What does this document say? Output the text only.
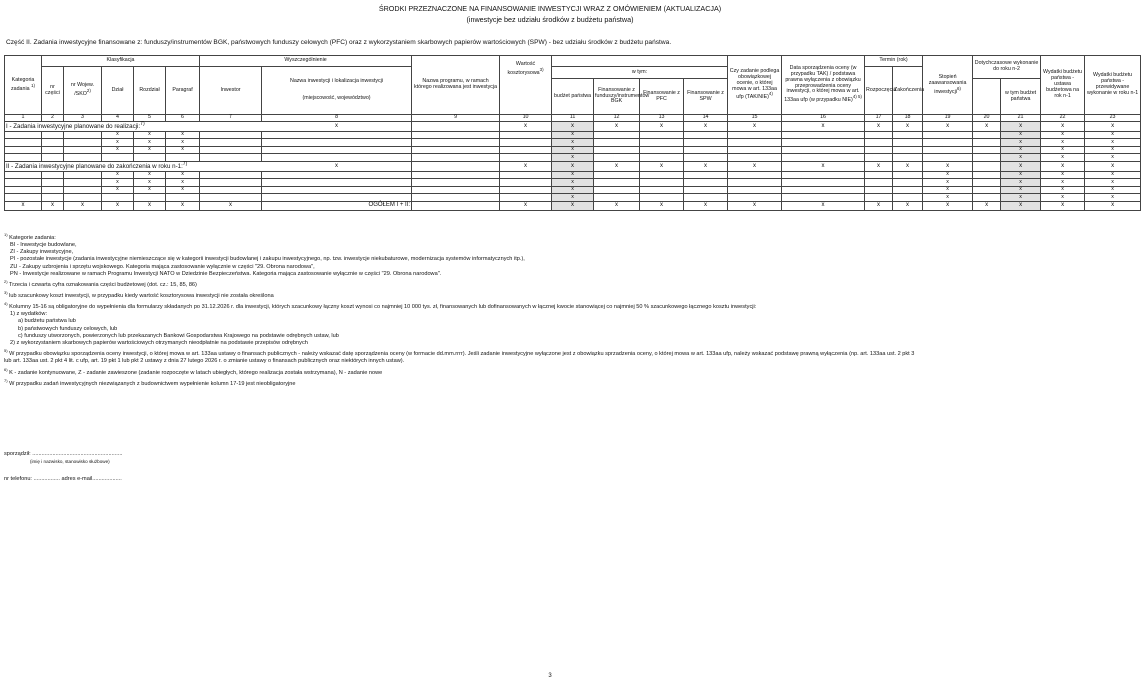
ŚRODKI PRZEZNACZONE NA FINANSOWANIE INWESTYCJI WRAZ Z OMÓWIENIEM (AKTUALIZACJA)
(inwestycje bez udziału środków z budżetu państwa)
Część II. Zadania inwestycyjne finansowane z: funduszy/instrumentów BGK, państwowych funduszy celowych (PFC) oraz z wykorzystaniem skarbowych papierów wartościowych (SPW) - bez udziału środków z budżetu państwa.
Kategoria zadania $^{1)}$	Klasyfikacja					Wyszczególnienie		Nazwa programu, w ramach którego realizowana jest inwestycja	Wartość kosztorysowa$^{3)}$					Czy zadanie podlega obowiązkowej ocenie, o której mowa w art. 133aa ufp $(TAK/NIE)^{4)}$	Data sporządzenia oceny (w przypadku TAK) / podstawa prawna wyłączenia z obowiązku przeprowadzenia oceny inwestycji, o której mowa w art. 133aa ufp (w przypadku NIE)$^{4) 5)}$	Termin (rok)		Stopień zaawansowania inwestycji$^{6)}$	Dotychczasowe wykonanie do roku n-2		Wydatki budżetu państwa - ustawa budżetowa na rok n-1	Wydatki budżetu państwa - przewidywane wykonanie w roku n-1
	nr części	nr Wojew. /SKO$^{2)}$	Dział	Rozdział	Paragraf	Inwestor	Nazwa inwestycji i lokalizacja inwestycji

(miejscowość, województwo)			w tym:						Rozpoczęcia	Zakończenia					
										budżet państwa	Finansowanie z funduszy/instrumentów BGK	Finansowanie z PFC	Finansowanie z SPW							w tym budżet państwa		

1	2	3	4	5	6	7	8	9	10	11	12	13	14	15	16	17	18	19	20	21	22	23
I - Zadania inwestycyjne planowane do realizacji:$^{7)}$							x		x	x	x	x	x	x	x	x	x	x	x	x	x	x
			x	x	x					x										x	x	x
			x	x	x					x										x	x	x
			x	x	x					x										x	x	x
										x										x	x	x
II - Zadania inwestycyjne planowane do zakończenia w roku n-1:$^{7)}$							x		x	x	x	x	x	x	x	x	x	x		x	x	x
			x	x	x					x								x		x	x	x
			x	x	x					x								x		x	x	x
			x	x	x					x								x		x	x	x
										x								x		x	x	x
x	x	x	x	x	x	x	OGÓŁEM I + II:		x	x	x	x	x	x	x	x	x	x	x	x	x	x
$^{1)}$ Kategorie zadania:
BI - Inwestycje budowlane,
ZI - Zakupy inwestycyjne,
PI - pozostałe inwestycje (zadania inwestycyjne niemieszczące się w kategorii inwestycji budowlanej i zakupu inwestycyjnego, np. tzw. inwestycje niekubaturowe, modernizacja systemów informatycznych itp.),
ZU - Zakupy uzbrojenia i sprzętu wojskowego. Kategoria mająca zastosowanie wyłącznie w części "29. Obrona narodowa",
PN - Inwestycje realizowane w ramach Programu Inwestycji NATO w Dziedzinie Bezpieczeństwa. Kategoria mająca zastosowanie wyłącznie w części "29. Obrona narodowa".
$^{2)}$ Trzecia i czwarta cyfra oznakowania części budżetowej (dot. cz.: 15, 85, 86)
$^{3)}$ lub szacunkowy koszt inwestycji, w przypadku kiedy wartość kosztorysowa inwestycji nie została określona
$^{4)}$ Kolumny 15-16 są obligatoryjne do wypełnienia dla formularzy składanych po 31.12.2026 r. dla inwestycji, których szacunkowy łączny koszt wynosi co najmniej 10 000 tys. zł, finansowanych lub dofinansowanych w łącznej kwocie stanowiącej co najmniej 50 % szacunkowego łącznego kosztu inwestycji:
1) z wydatków:
a) budżetu państwa lub
b) państwowych funduszy celowych, lub
c) funduszy utworzonych, powierzonych lub przekazanych Bankowi Gospodarstwa Krajowego na podstawie odrębnych ustaw, lub
2) z wykorzystaniem skarbowych papierów wartościowych otrzymanych nieodpłatnie na podstawie przepisów odrębnych
$^{5)}$ W przypadku obowiązku sporządzenia oceny inwestycji, o której mowa w art. 133aa ustawy o finansach publicznych - należy wskazać datę sporządzenia oceny (w formacie dd.mm.rrrr). Jeśli zadanie inwestycyjne wyłączone jest z obowiązku sprzadzenia oceny, o której mowa w art. 133aa ufp, należy wskazać podstawę prawną wyłączenia (np. art. 133aa ust. 2 pkt 3
lub art. 133aa ust. 2 pkt 4 lit. c ufp, art. 19 pkt 1 lub pkt 2 ustawy z dnia 27 lutego 2026 r. o zmianie ustawy o finansach publicznych oraz niektórych innych ustaw).
$^{6)}$ K - zadanie kontynuowane, Z - zadanie zawieszone (zadanie rozpoczęte w latach ubiegłych, którego realizacja została wstrzymana), N - zadanie nowe
$^{7)}$ W przypadku zadań inwestycyjnych niezwiązanych z budownictwem wypełnienie kolumn 17-19 jest nieobligatoryjne
sporządził: ..........................................................
(imię i nazwisko, stanowisko służbowe)
nr telefonu: ................. adres e-mail...................
3
